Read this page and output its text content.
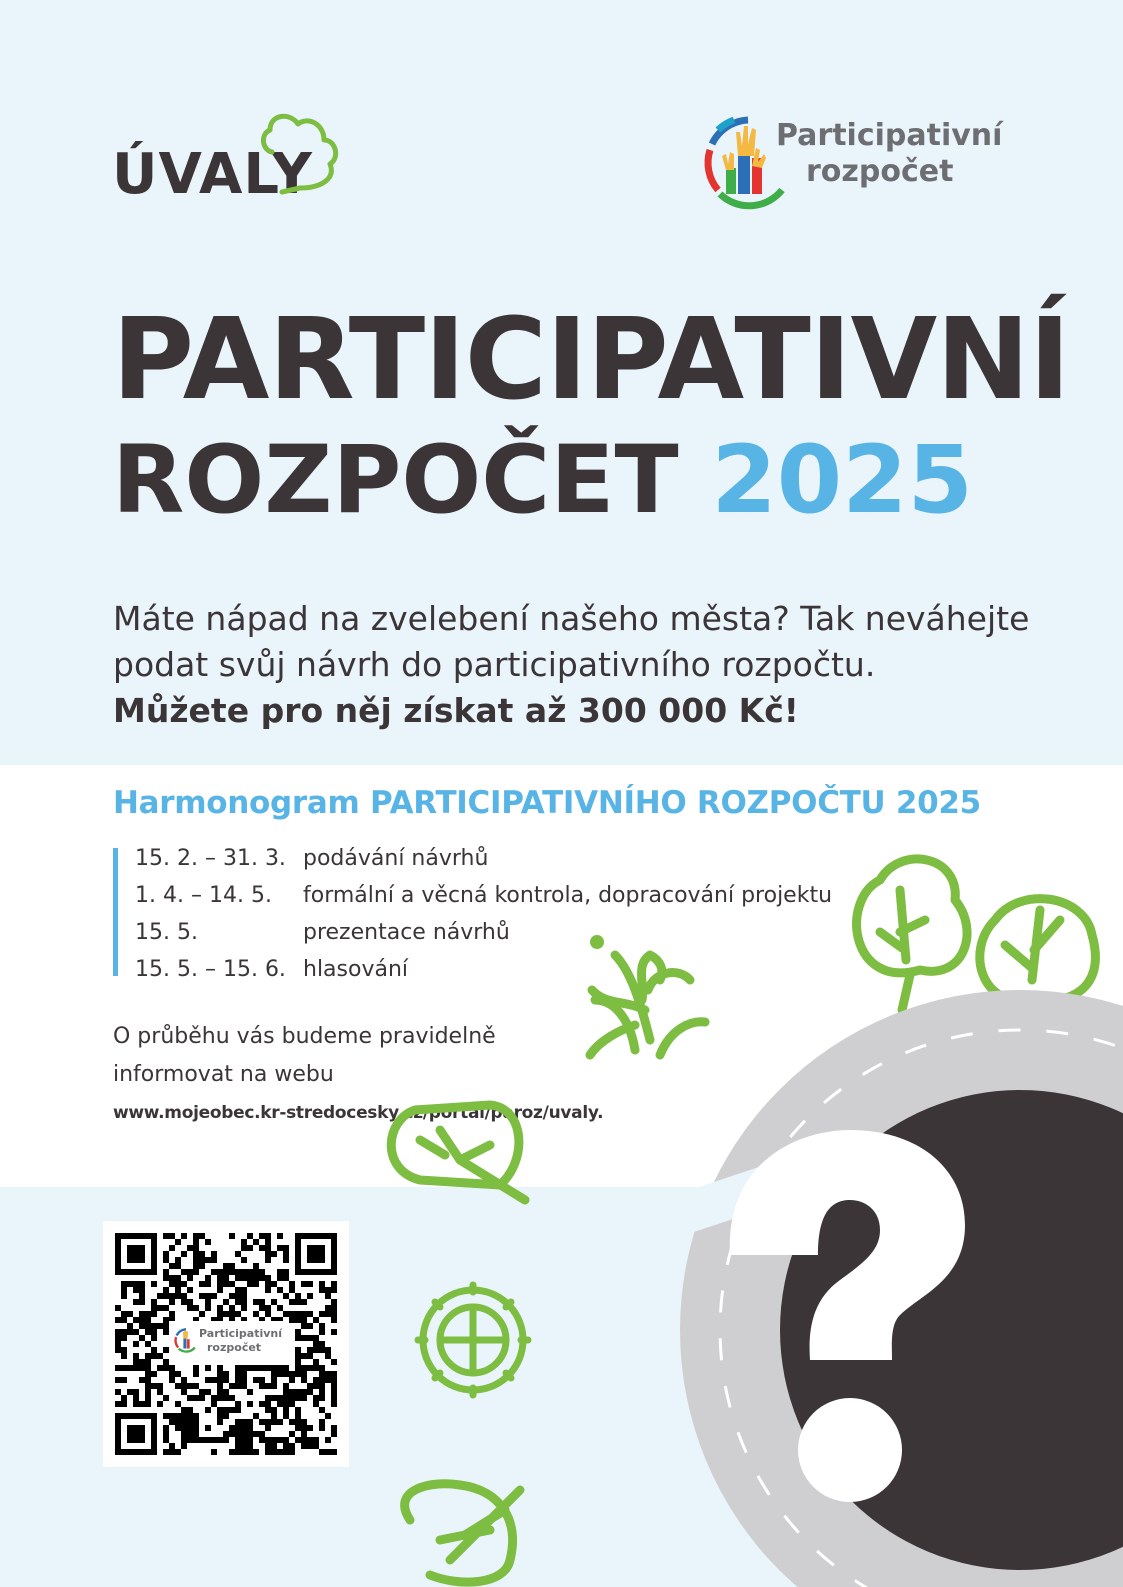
ÚVALY
Participativní
rozpočet
PARTICIPATIVNÍ
ROZPOČET 2025

Máte nápad na zvelebení našeho města? Tak neváhejte

podat svůj návrh do participativního rozpočtu.

Můžete pro něj získat až 300 000 Kč!

Harmonogram PARTICIPATIVNÍHO ROZPOČTU 2025
15. 2. – 31. 3. podávání návrhů
1. 4. – 14. 5. formální a věcná kontrola, dopracování projektu
15. 5.	prezentace návrhů
15. 5. – 15. 6. hlasování
O průběhu vás budeme pravidelně
informovat na webu
www.mojeobec.kr-stredocesky.cz/portal/paroz/uvaly.
Participativní
rozpočet
